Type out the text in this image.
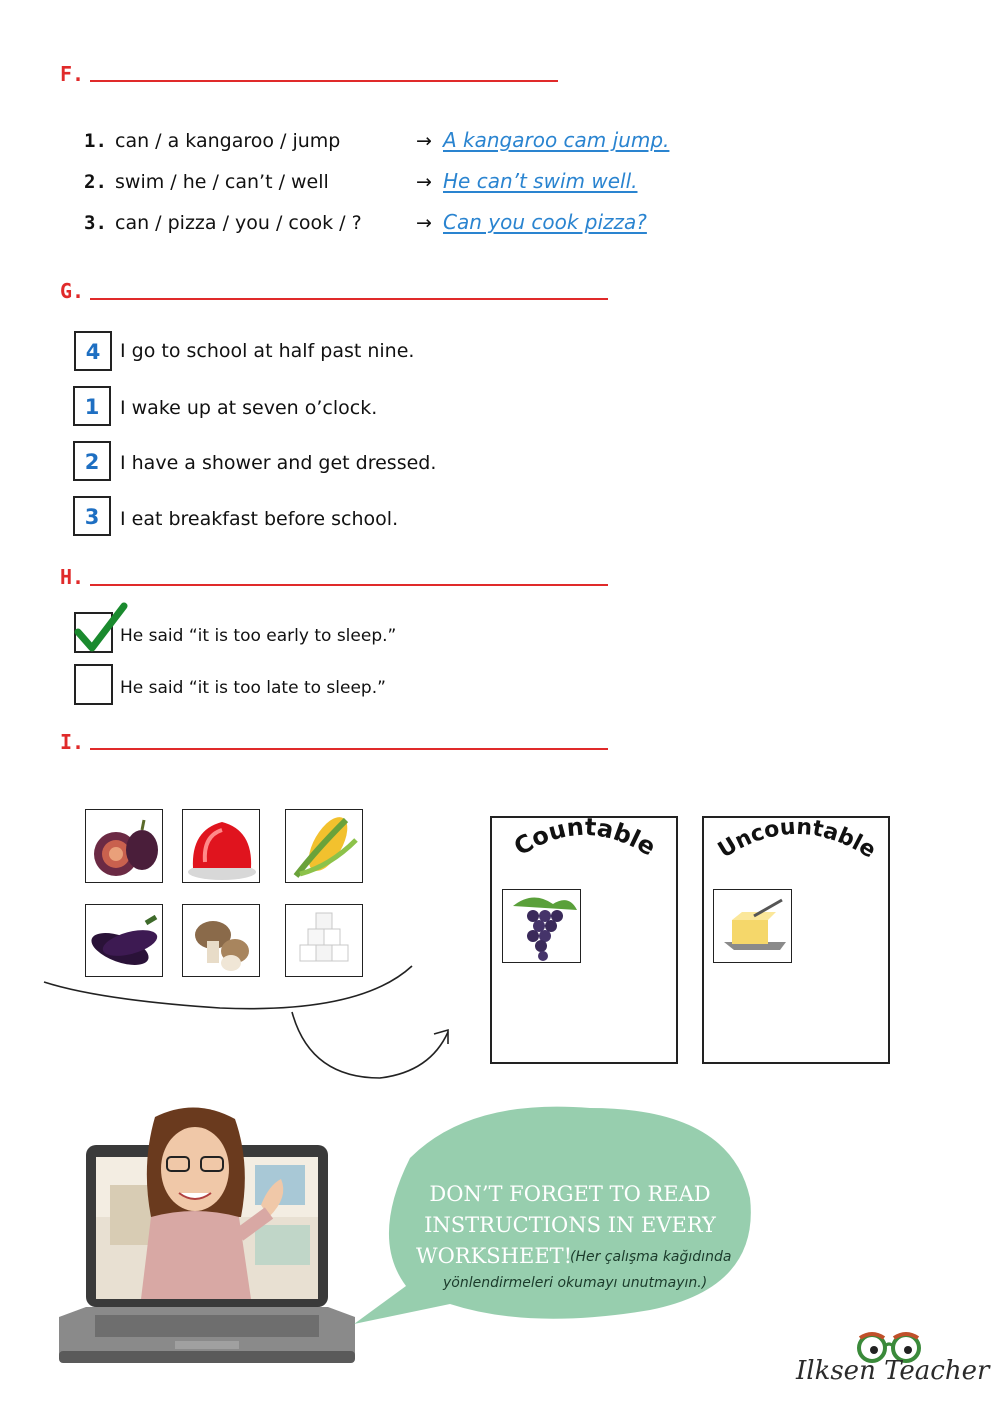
F.
1. can / a kangaroo / jump	→ A kangaroo cam jump.
2. swim / he / can’t / well	→ He can’t swim well.
3. can / pizza / you / cook / ?	→ Can you cook pizza?
G.
4	I go to school at half past nine.
1	I wake up at seven o’clock.
2	I have a shower and get dressed.
3	I eat breakfast before school.
H.
He said “it is too early to sleep.”
He said “it is too late to sleep.”
I.
Countable Uncountable
DON’T FORGET TO READ
INSTRUCTIONS IN EVERY
WORKSHEET!
(Her çalışma kağıdında
yönlendirmeleri okumayı unutmayın.)
Ilksen Teacher
